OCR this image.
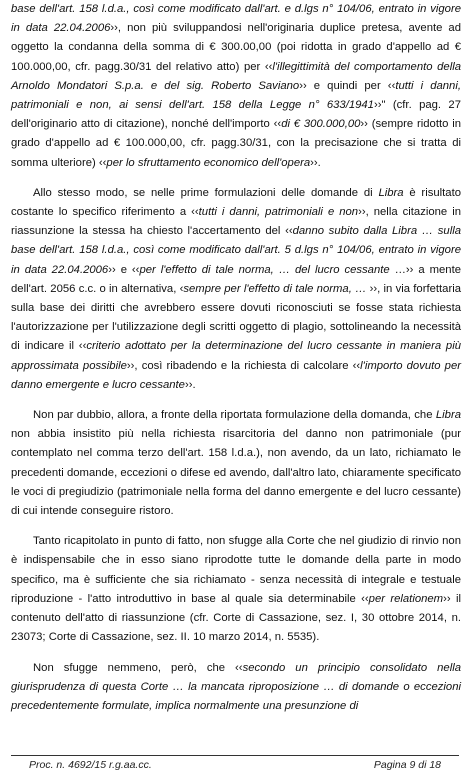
base dell'art. 158 l.d.a., così come modificato dall'art. e d.lgs n° 104/06, entrato in vigore in data 22.04.2006››, non più sviluppandosi nell'originaria duplice pretesa, avente ad oggetto la condanna della somma di € 300.00,00 (poi ridotta in grado d'appello ad € 100.000,00, cfr. pagg.30/31 del relativo atto) per ‹‹l'illegittimità del comportamento della Arnoldo Mondatori S.p.a. e del sig. Roberto Saviano›› e quindi per ‹‹tutti i danni, patrimoniali e non, ai sensi dell'art. 158 della Legge n° 633/1941››" (cfr. pag. 27 dell'originario atto di citazione), nonché dell'importo ‹‹di € 300.000,00›› (sempre ridotto in grado d'appello ad € 100.000,00, cfr. pagg.30/31, con la precisazione che si tratta di somma ulteriore) ‹‹per lo sfruttamento economico dell'opera››.

Allo stesso modo, se nelle prime formulazioni delle domande di Libra è risultato costante lo specifico riferimento a ‹‹tutti i danni, patrimoniali e non››, nella citazione in riassunzione la stessa ha chiesto l'accertamento del ‹‹danno subito dalla Libra … sulla base dell'art. 158 l.d.a., così come modificato dall'art. 5 d.lgs n° 104/06, entrato in vigore in data 22.04.2006›› e ‹‹per l'effetto di tale norma, … del lucro cessante …›› a mente dell'art. 2056 c.c. o in alternativa, ‹sempre per l'effetto di tale norma, … ››, in via forfettaria sulla base dei diritti che avrebbero essere dovuti riconosciuti se fosse stata richiesta l'autorizzazione per l'utilizzazione degli scritti oggetto di plagio, sottolineando la necessità di indicare il ‹‹criterio adottato per la determinazione del lucro cessante in maniera più approssimata possibile››, così ribadendo e la richiesta di calcolare ‹‹l'importo dovuto per danno emergente e lucro cessante››.

Non par dubbio, allora, a fronte della riportata formulazione della domanda, che Libra non abbia insistito più nella richiesta risarcitoria del danno non patrimoniale (pur contemplato nel comma terzo dell'art. 158 l.d.a.), non avendo, da un lato, richiamato le precedenti domande, eccezioni o difese ed avendo, dall'altro lato, chiaramente specificato le voci di pregiudizio (patrimoniale nella forma del danno emergente e del lucro cessante) di cui intende conseguire ristoro.

Tanto ricapitolato in punto di fatto, non sfugge alla Corte che nel giudizio di rinvio non è indispensabile che in esso siano riprodotte tutte le domande della parte in modo specifico, ma è sufficiente che sia richiamato - senza necessità di integrale e testuale riproduzione - l'atto introduttivo in base al quale sia determinabile ‹‹per relationem›› il contenuto dell'atto di riassunzione (cfr. Corte di Cassazione, sez. I, 30 ottobre 2014, n. 23073; Corte di Cassazione, sez. II. 10 marzo 2014, n. 5535).

Non sfugge nemmeno, però, che ‹‹secondo un principio consolidato nella giurisprudenza di questa Corte … la mancata riproposizione … di domande o eccezioni precedentemente formulate, implica normalmente una presunzione di

Proc. n. 4692/15 r.g.aa.cc.	Pagina 9 di 18
